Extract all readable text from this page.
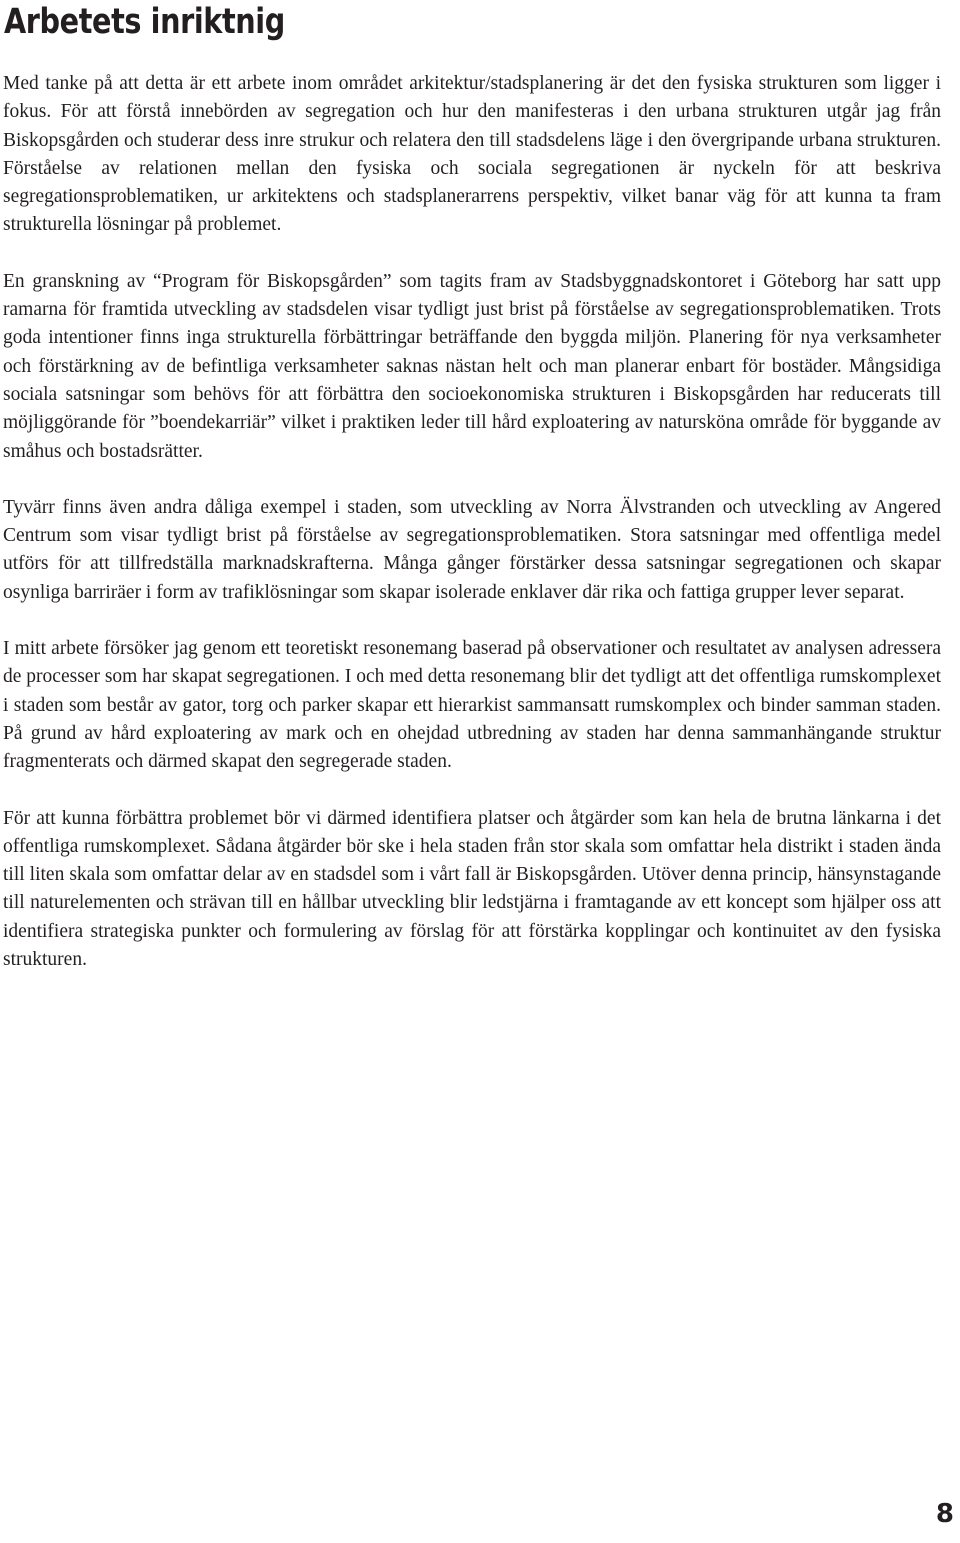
Arbetets inriktnig

Med tanke på att detta är ett arbete inom området arkitektur/stadsplanering är det den fysiska strukturen som ligger i fokus. För att förstå innebörden av segregation och hur den manifesteras i den urbana strukturen utgår jag från Biskopsgården och studerar dess inre strukur och relatera den till stadsdelens läge i den övergripande urbana strukturen. Förståelse av relationen mellan den fysiska och sociala segregationen är nyckeln för att beskriva segregationsproblematiken, ur arkitektens och stadsplanerarrens perspektiv, vilket banar väg för att kunna ta fram strukturella lösningar på problemet.

En granskning av “Program för Biskopsgården” som tagits fram av Stadsbyggnadskontoret i Göteborg har satt upp ramarna för framtida utveckling av stadsdelen visar tydligt just brist på förståelse av segregationsproblematiken. Trots goda intentioner finns inga strukturella förbättringar beträffande den byggda miljön. Planering för nya verksamheter och förstärkning av de befintliga verksamheter saknas nästan helt och man planerar enbart för bostäder. Mångsidiga sociala satsningar som behövs för att förbättra den socioekonomiska strukturen i Biskopsgården har reducerats till möjliggörande för ”boendekarriär” vilket i praktiken leder till hård exploatering av natursköna område för byggande av småhus och bostadsrätter.

Tyvärr finns även andra dåliga exempel i staden, som utveckling av Norra Älvstranden och utveckling av Angered Centrum som visar tydligt brist på förståelse av segregationsproblematiken. Stora satsningar med offentliga medel utförs för att tillfredställa marknadskrafterna. Många gånger förstärker dessa satsningar segregationen och skapar osynliga barriräer i form av trafiklösningar som skapar isolerade enklaver där rika och fattiga grupper lever separat.

I mitt arbete försöker jag genom ett teoretiskt resonemang baserad på observationer och resultatet av analysen adressera de processer som har skapat segregationen. I och med detta resonemang blir det tydligt att det offentliga rumskomplexet i staden som består av gator, torg och parker skapar ett hierarkist sammansatt rumskomplex och binder samman staden. På grund av hård exploatering av mark och en ohejdad utbredning av staden har denna sammanhängande struktur fragmenterats och därmed skapat den segregerade staden.

För att kunna förbättra problemet bör vi därmed identifiera platser och åtgärder som kan hela de brutna länkarna i det offentliga rumskomplexet. Sådana åtgärder bör ske i hela staden från stor skala som omfattar hela distrikt i staden ända till liten skala som omfattar delar av en stadsdel som i vårt fall är Biskopsgården. Utöver denna princip, hänsynstagande till naturelementen och strävan till en hållbar utveckling blir ledstjärna i framtagande av ett koncept som hjälper oss att identifiera strategiska punkter och formulering av förslag för att förstärka kopplingar och kontinuitet av den fysiska strukturen.

8
